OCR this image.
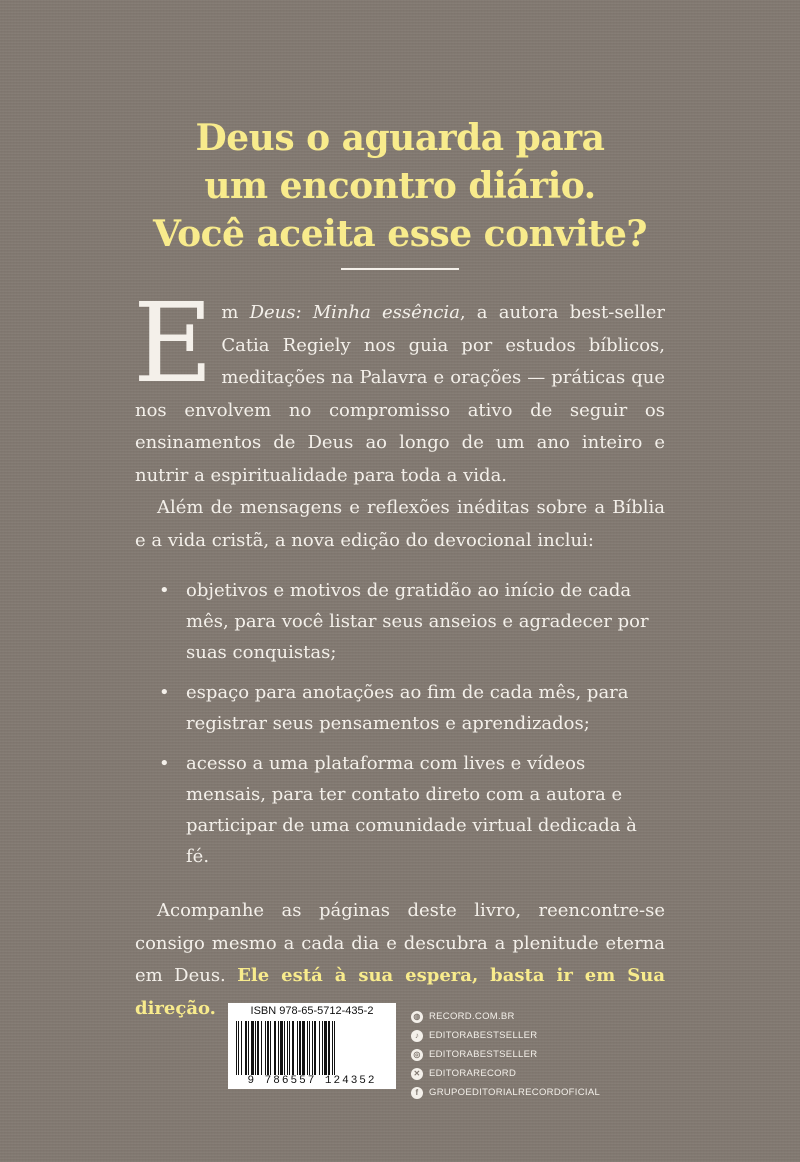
Deus o aguarda para
um encontro diário.
Você aceita esse convite?

Em Deus: Minha essência, a autora best-seller Catia Regiely nos guia por estudos bíblicos, meditações na Palavra e orações — práticas que nos envolvem no compromisso ativo de seguir os ensinamentos de Deus ao longo de um ano inteiro e nutrir a espiritualidade para toda a vida.

Além de mensagens e reflexões inéditas sobre a Bíblia e a vida cristã, a nova edição do devocional inclui:

• objetivos e motivos de gratidão ao início de cada mês, para você listar seus anseios e agradecer por suas conquistas;
• espaço para anotações ao fim de cada mês, para registrar seus pensamentos e aprendizados;
• acesso a uma plataforma com lives e vídeos mensais, para ter contato direto com a autora e participar de uma comunidade virtual dedicada à fé.

Acompanhe as páginas deste livro, reencontre-se consigo mesmo a cada dia e descubra a plenitude eterna em Deus. Ele está à sua espera, basta ir em Sua direção.	ISBN 978-65-5712-435-2
9 786557 124352
◍ RECORD.COM.BR
♪	EDITORABESTSELLER
◎ EDITORABESTSELLER
✕ EDITORARECORD
f	GRUPOEDITORIALRECORDOFICIAL
